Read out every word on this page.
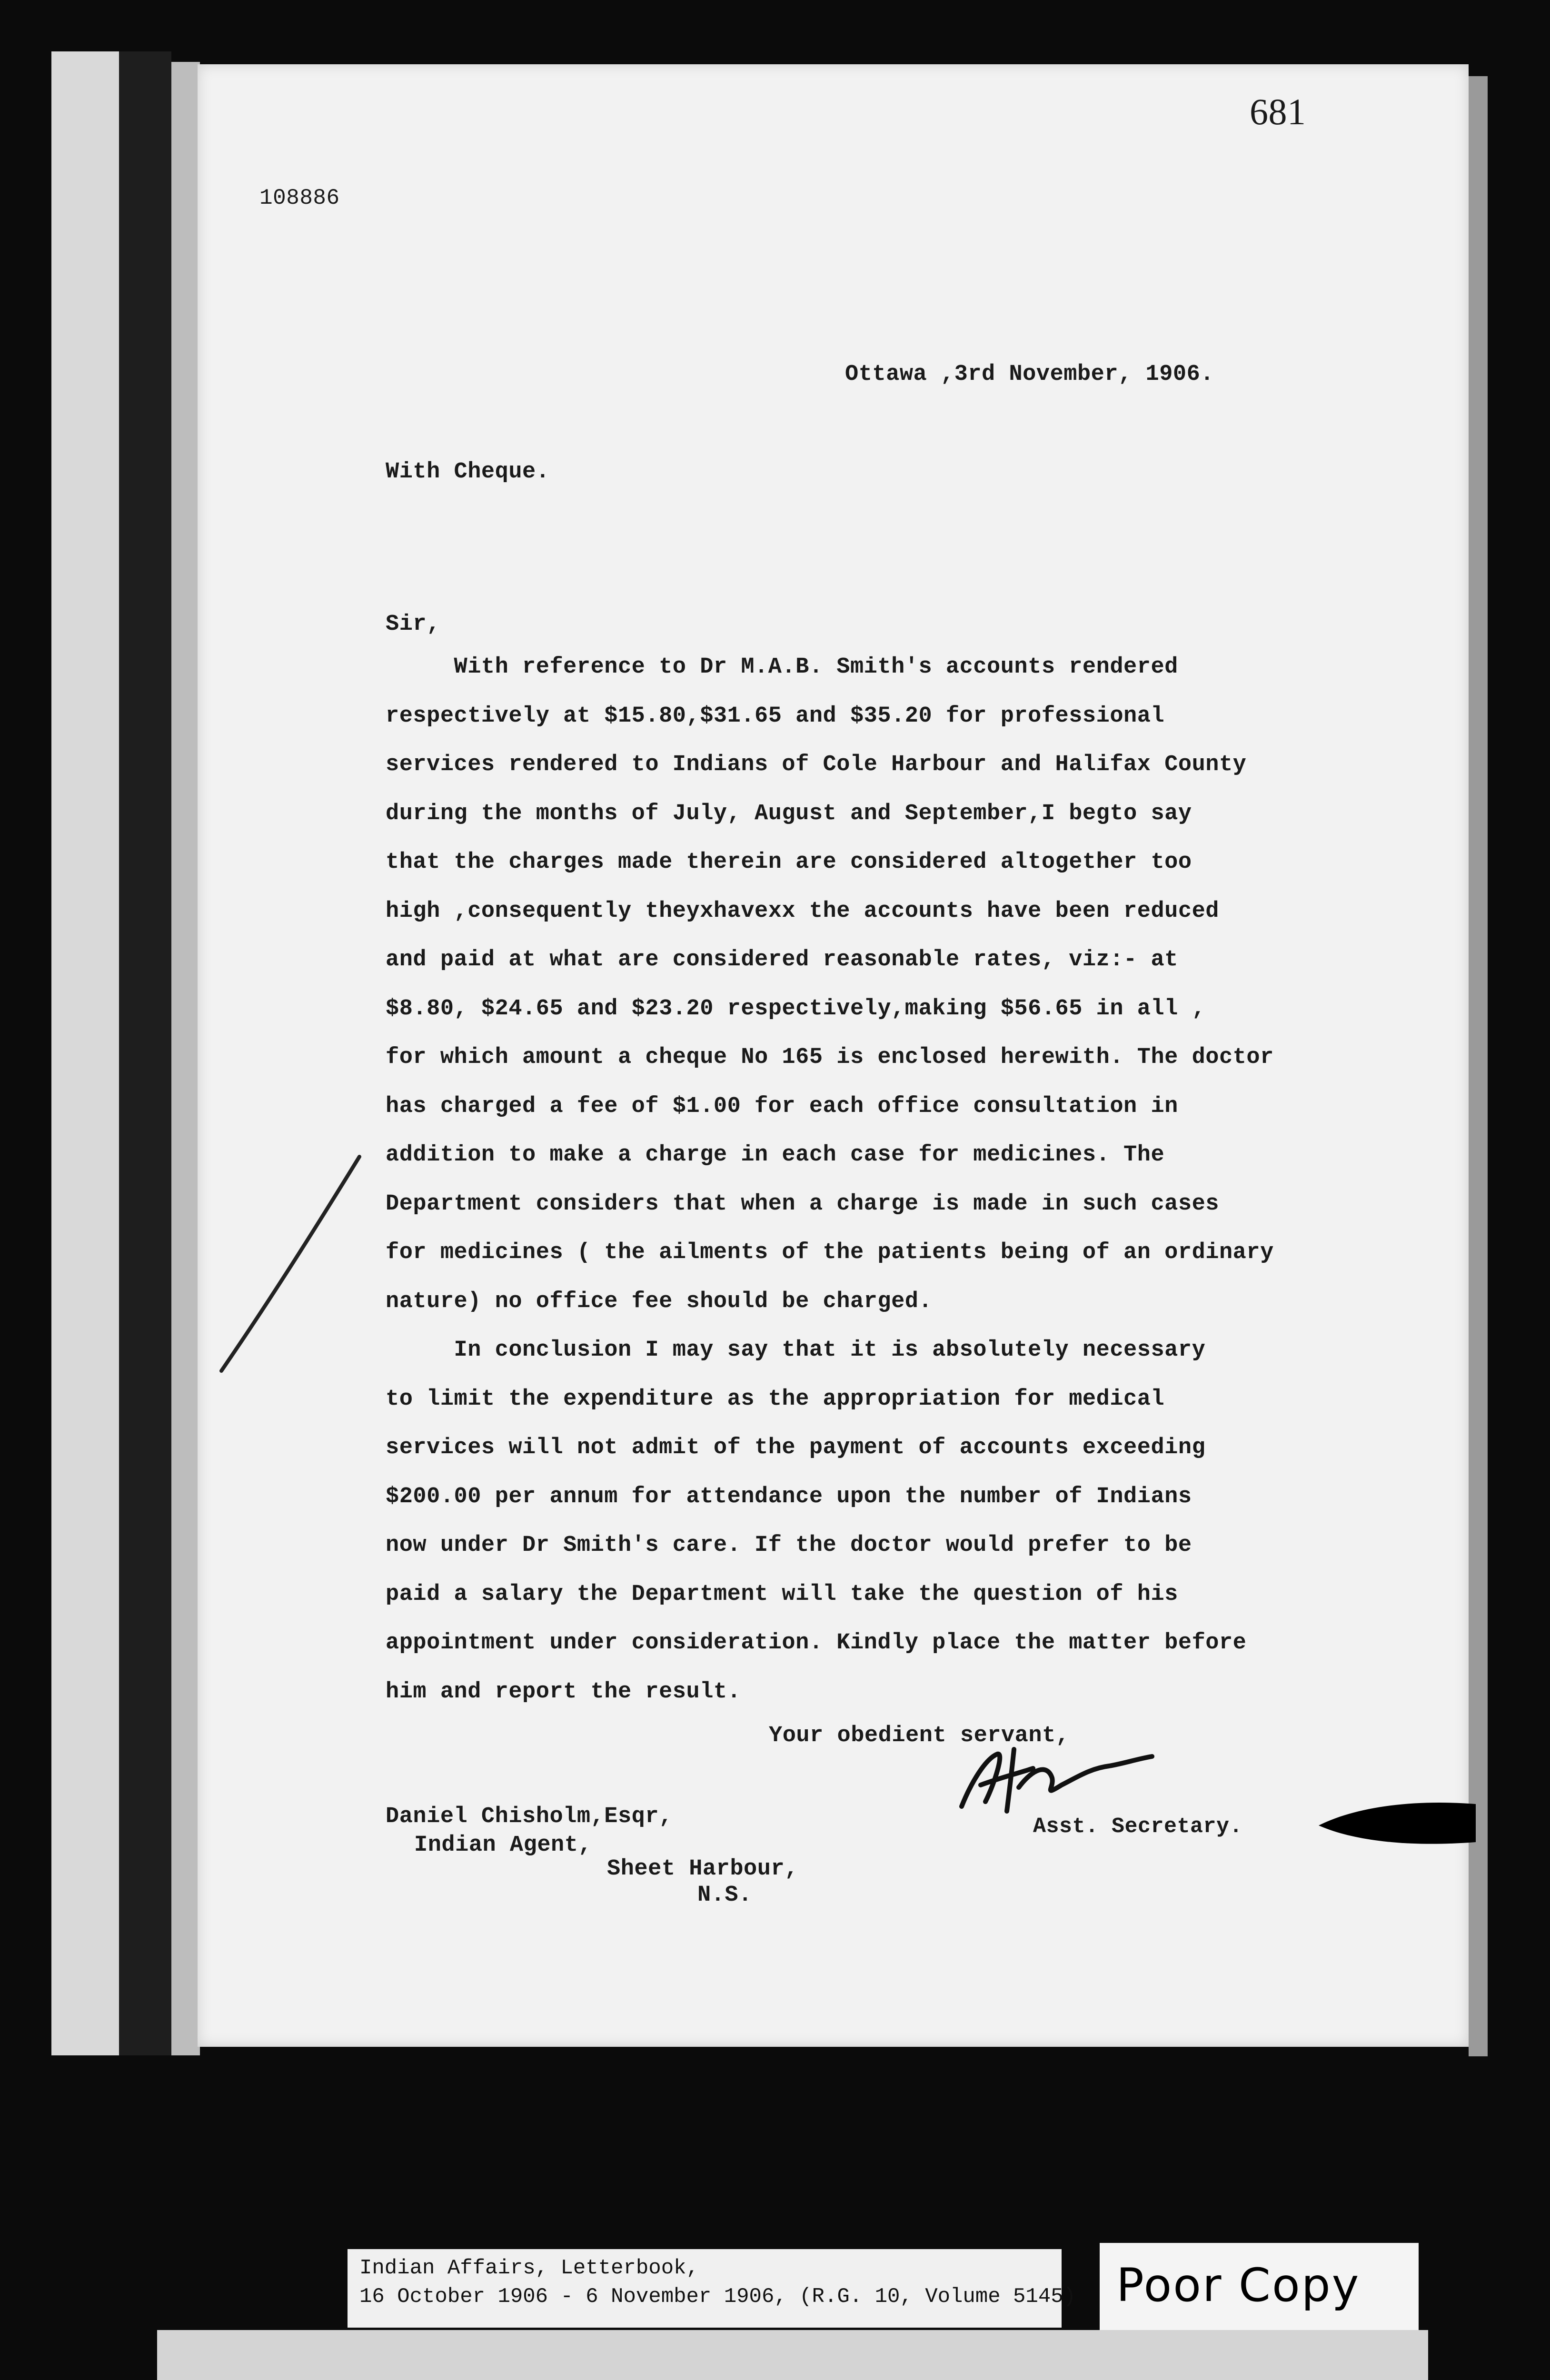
681
108886
Ottawa ,3rd November, 1906.
With Cheque.
Sir,
With reference to Dr M.A.B. Smith's accounts rendered
respectively at $15.80,$31.65 and $35.20 for professional
services rendered to Indians of Cole Harbour and Halifax County
during the months of July, August and September,I begto say
that the charges made therein are considered altogether too
high ,consequently theyxhavexx the accounts have been reduced
and paid at what are considered reasonable rates, viz:- at
$8.80, $24.65 and $23.20 respectively,making $56.65 in all ,
for which amount a cheque No 165 is enclosed herewith. The doctor
has charged a fee of $1.00 for each office consultation in
addition to make a charge in each case for medicines. The
Department considers that when a charge is made in such cases
for medicines ( the ailments of the patients being of an ordinary
nature) no office fee should be charged.
In conclusion I may say that it is absolutely necessary
to limit the expenditure as the appropriation for medical
services will not admit of the payment of accounts exceeding
$200.00 per annum for attendance upon the number of Indians
now under Dr Smith's care. If the doctor would prefer to be
paid a salary the Department will take the question of his
appointment under consideration. Kindly place the matter before
him and report the result.
Your obedient servant,
Asst. Secretary.
Daniel Chisholm,Esqr,
Indian Agent,
Sheet Harbour,
N.S.
Indian Affairs, Letterbook,
16 October 1906 - 6 November 1906, (R.G. 10, Volume 5145) Poor Copy
